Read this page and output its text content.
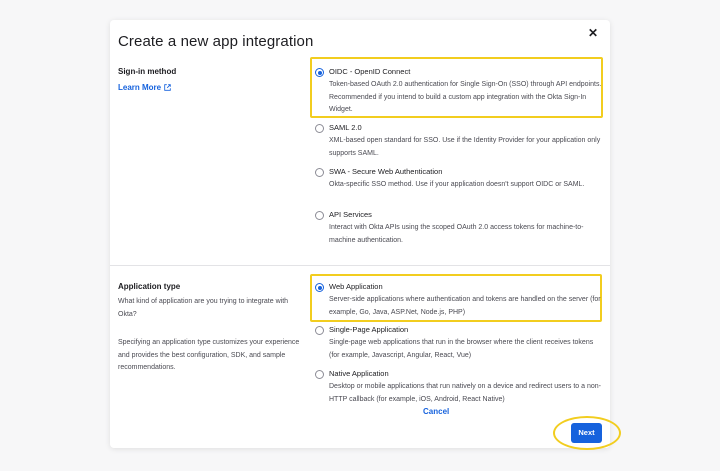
Create a new app integration	✕
Sign-in method
Learn More
OIDC - OpenID Connect
Token-based OAuth 2.0 authentication for Single Sign-On (SSO) through API endpoints. Recommended if you intend to build a custom app integration with the Okta Sign-In Widget.
SAML 2.0
XML-based open standard for SSO. Use if the Identity Provider for your application only supports SAML.
SWA - Secure Web Authentication
Okta-specific SSO method. Use if your application doesn't support OIDC or SAML.
API Services
Interact with Okta APIs using the scoped OAuth 2.0 access tokens for machine-to-machine authentication.
Application type
What kind of application are you trying to integrate with Okta?
Specifying an application type customizes your experience and provides the best configuration, SDK, and sample recommendations.
Web Application
Server-side applications where authentication and tokens are handled on the server (for example, Go, Java, ASP.Net, Node.js, PHP)
Single-Page Application
Single-page web applications that run in the browser where the client receives tokens (for example, Javascript, Angular, React, Vue)
Native Application
Desktop or mobile applications that run natively on a device and redirect users to a non-HTTP callback (for example, iOS, Android, React Native)
Cancel
Next
